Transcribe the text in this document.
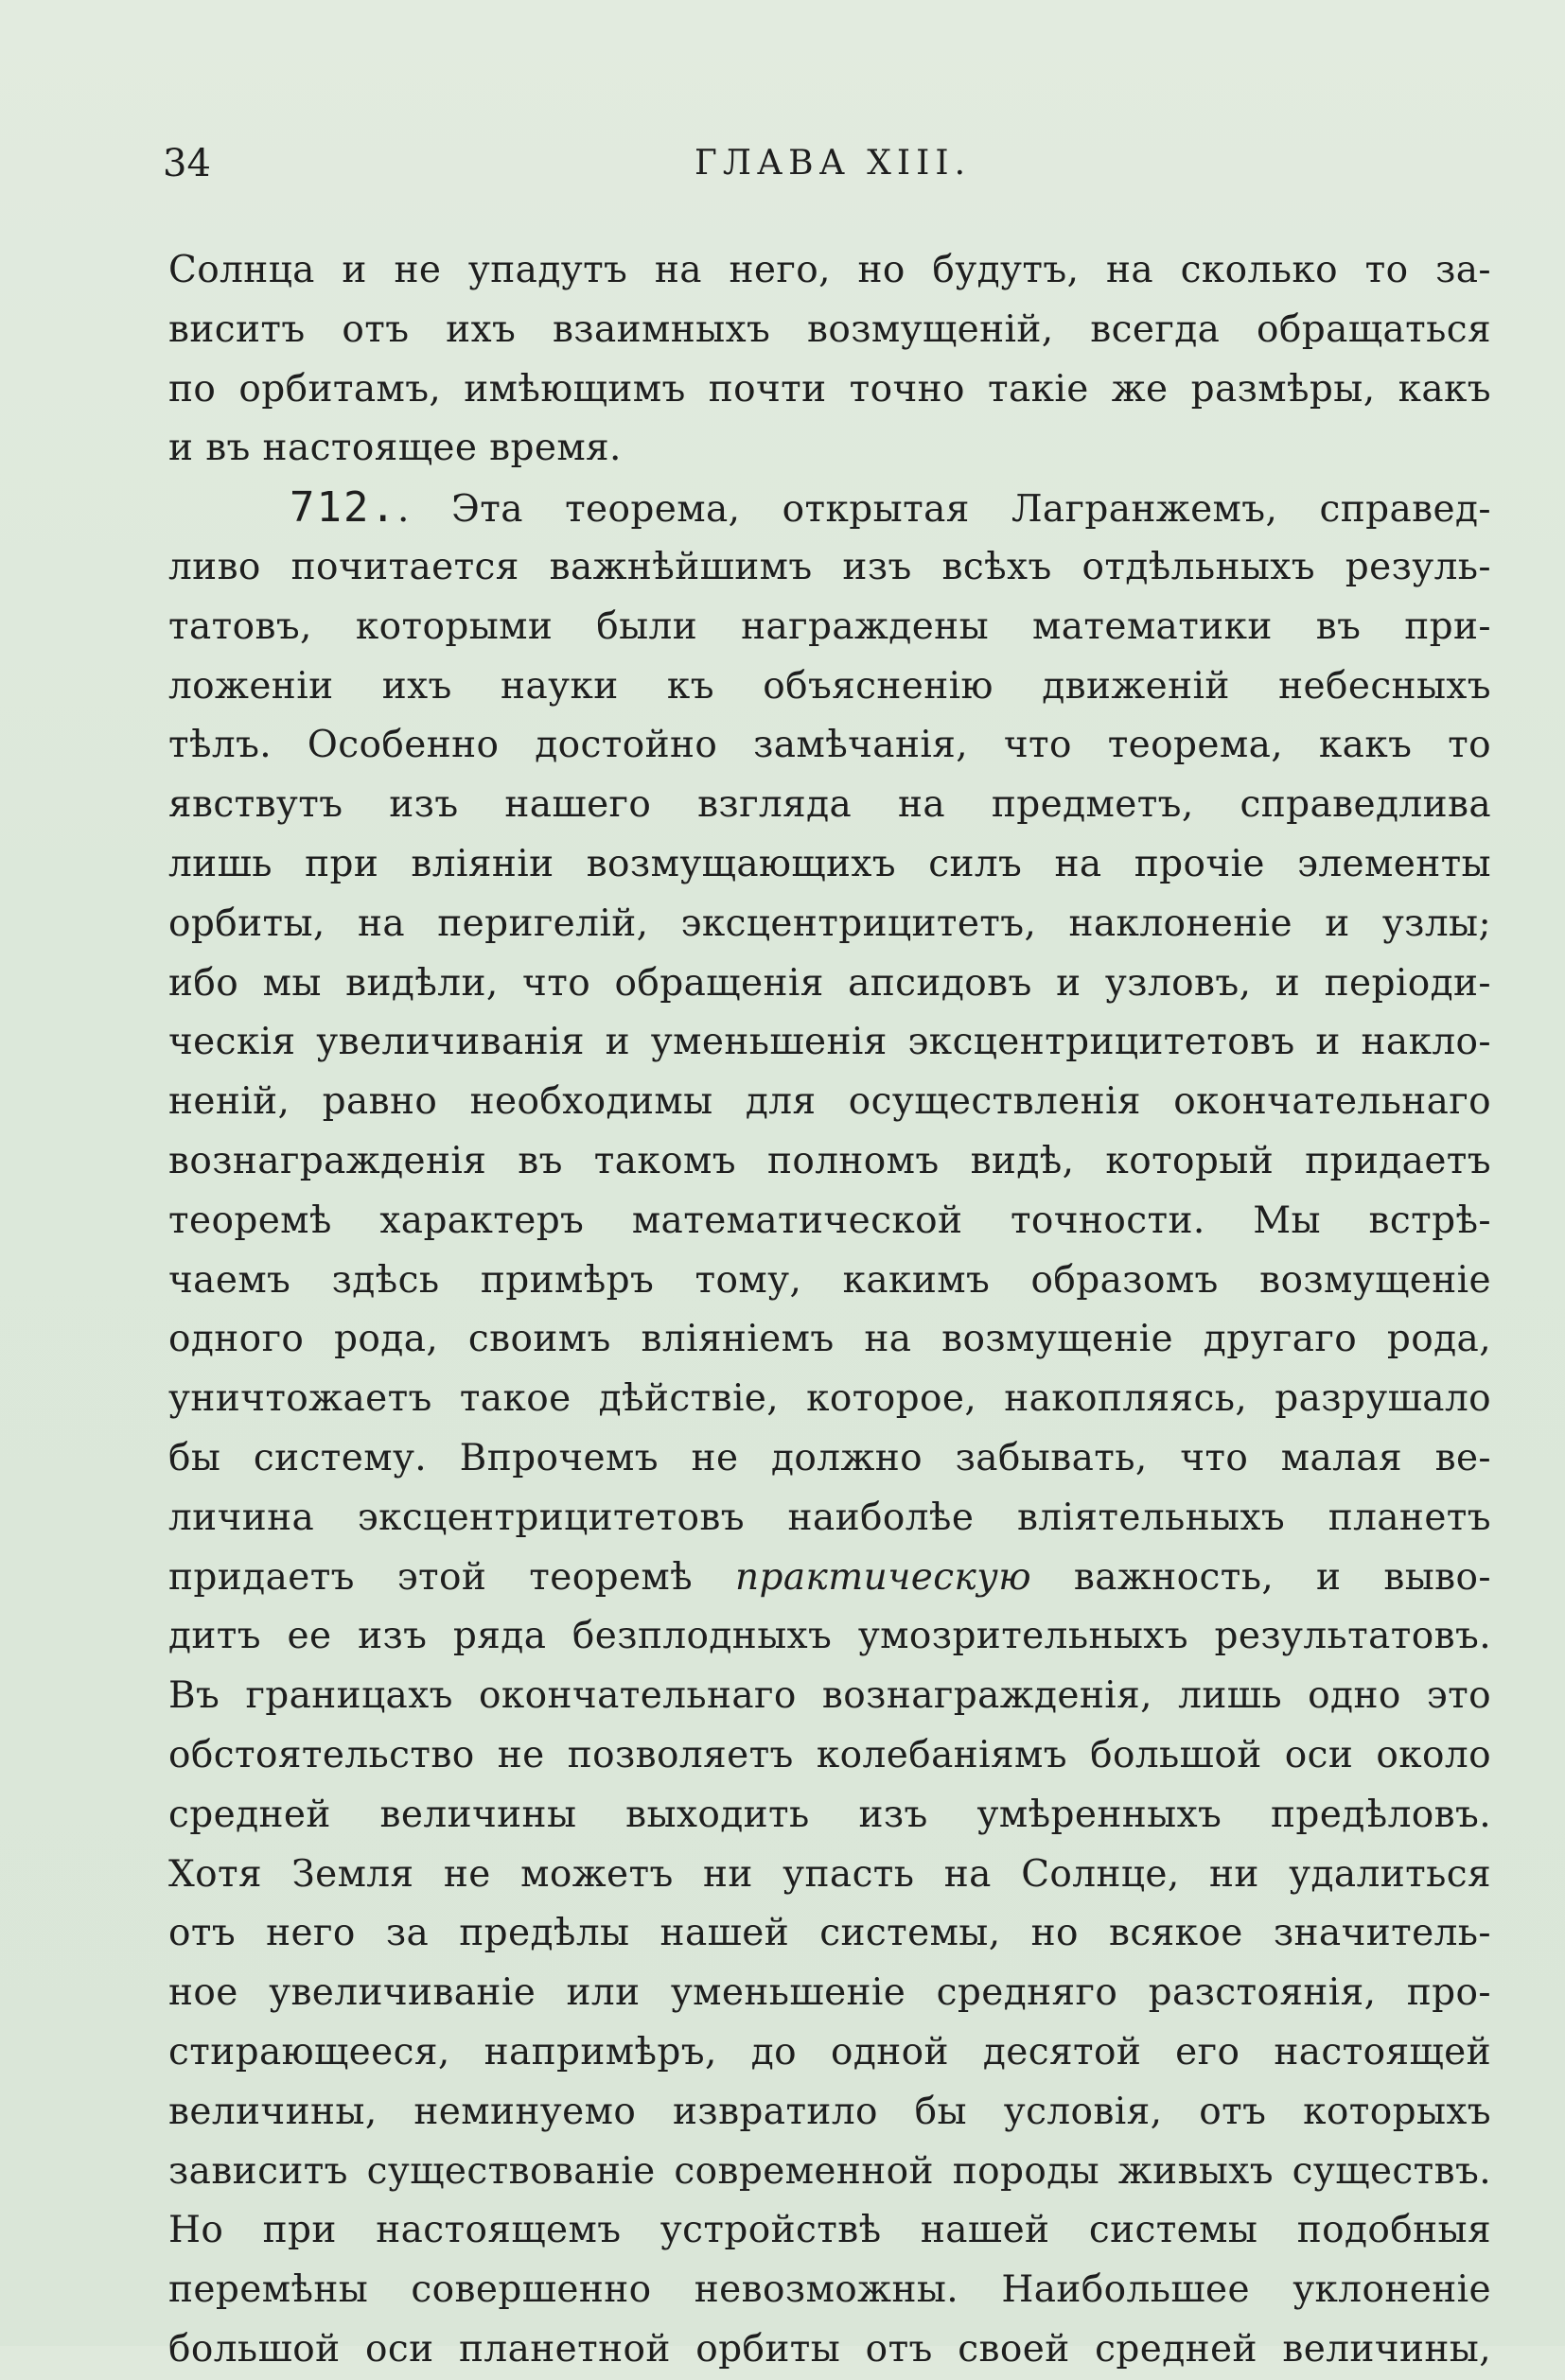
34	ГЛАВА XIII.
Солнца и не упадутъ на него, но будутъ, на сколько то за-
виситъ отъ ихъ взаимныхъ возмущеній, всегда обращаться
по орбитамъ, имѣющимъ почти точно такіе же размѣры, какъ
и въ настоящее время.
712.. Эта теорема, открытая Лагранжемъ, справед-
ливо почитается важнѣйшимъ изъ всѣхъ отдѣльныхъ резуль-
татовъ, которыми были награждены математики въ при-
ложеніи ихъ науки къ объясненію движеній небесныхъ
тѣлъ. Особенно достойно замѣчанія, что теорема, какъ то
явствутъ изъ нашего взгляда на предметъ, справедлива
лишь при вліяніи возмущающихъ силъ на прочіе элементы
орбиты, на перигелій, эксцентрицитетъ, наклоненіе и узлы;
ибо мы видѣли, что обращенія апсидовъ и узловъ, и періоди-
ческія увеличиванія и уменьшенія эксцентрицитетовъ и накло-
неній, равно необходимы для осуществленія окончательнаго
вознагражденія въ такомъ полномъ видѣ, который придаетъ
теоремѣ характеръ математической точности. Мы встрѣ-
чаемъ здѣсь примѣръ тому, какимъ образомъ возмущеніе
одного рода, своимъ вліяніемъ на возмущеніе другаго рода,
уничтожаетъ такое дѣйствіе, которое, накопляясь, разрушало
бы систему. Впрочемъ не должно забывать, что малая ве-
личина эксцентрицитетовъ наиболѣе вліятельныхъ планетъ
придаетъ этой теоремѣ практическую важность, и выво-
дитъ ее изъ ряда безплодныхъ умозрительныхъ результатовъ.
Въ границахъ окончательнаго вознагражденія, лишь одно это
обстоятельство не позволяетъ колебаніямъ большой оси около
средней величины выходить изъ умѣренныхъ предѣловъ.
Хотя Земля не можетъ ни упасть на Солнце, ни удалиться
отъ него за предѣлы нашей системы, но всякое значитель-
ное увеличиваніе или уменьшеніе средняго разстоянія, про-
стирающееся, напримѣръ, до одной десятой его настоящей
величины, неминуемо извратило бы условія, отъ которыхъ
зависитъ существованіе современной породы живыхъ существъ.
Но при настоящемъ устройствѣ нашей системы подобныя
перемѣны совершенно невозможны. Наибольшее уклоненіе
большой оси планетной орбиты отъ своей средней величины,
